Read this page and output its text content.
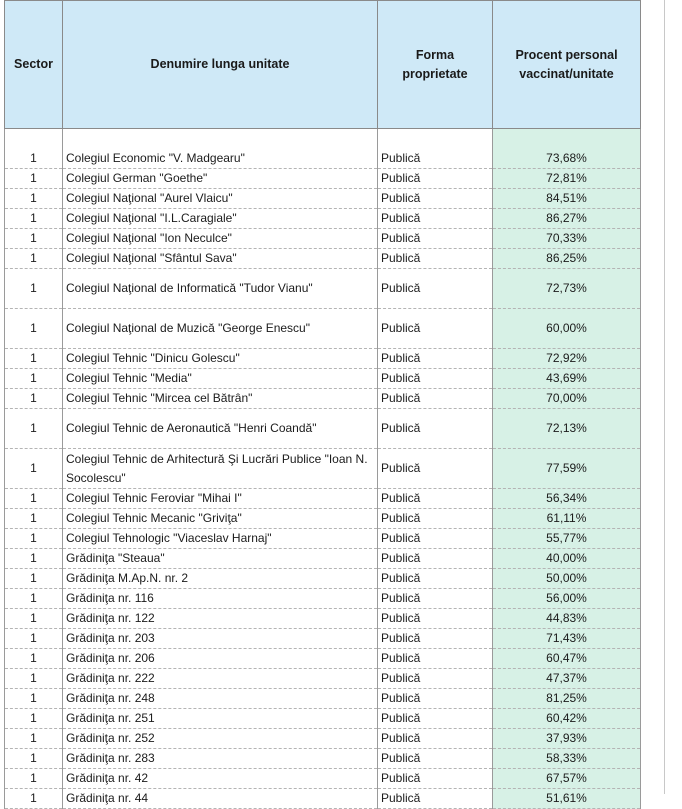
Sector	Denumire lunga unitate	Forma proprietate	Procent personal vaccinat/unitate

1	Colegiul Economic "V. Madgearu"	Publică	73,68%
1	Colegiul German "Goethe"	Publică	72,81%
1	Colegiul Naţional "Aurel Vlaicu"	Publică	84,51%
1	Colegiul Naţional "I.L.Caragiale"	Publică	86,27%
1	Colegiul Naţional "Ion Neculce"	Publică	70,33%
1	Colegiul Naţional "Sfântul Sava"	Publică	86,25%
1	Colegiul Naţional de Informatică "Tudor Vianu"	Publică	72,73%
1	Colegiul Naţional de Muzică "George Enescu"	Publică	60,00%
1	Colegiul Tehnic "Dinicu Golescu"	Publică	72,92%
1	Colegiul Tehnic "Media"	Publică	43,69%
1	Colegiul Tehnic "Mircea cel Bătrân"	Publică	70,00%
1	Colegiul Tehnic de Aeronautică "Henri Coandă"	Publică	72,13%
1	Colegiul Tehnic de Arhitectură Şi Lucrări Publice "Ioan N. Socolescu"	Publică	77,59%
1	Colegiul Tehnic Feroviar "Mihai I"	Publică	56,34%
1	Colegiul Tehnic Mecanic "Griviţa"	Publică	61,11%
1	Colegiul Tehnologic "Viaceslav Harnaj"	Publică	55,77%
1	Grădiniţa "Steaua"	Publică	40,00%
1	Grădiniţa M.Ap.N. nr. 2	Publică	50,00%
1	Grădiniţa nr. 116	Publică	56,00%
1	Grădiniţa nr. 122	Publică	44,83%
1	Grădiniţa nr. 203	Publică	71,43%
1	Grădiniţa nr. 206	Publică	60,47%
1	Grădiniţa nr. 222	Publică	47,37%
1	Grădiniţa nr. 248	Publică	81,25%
1	Grădiniţa nr. 251	Publică	60,42%
1	Grădiniţa nr. 252	Publică	37,93%
1	Grădiniţa nr. 283	Publică	58,33%
1	Grădiniţa nr. 42	Publică	67,57%
1	Grădiniţa nr. 44	Publică	51,61%
